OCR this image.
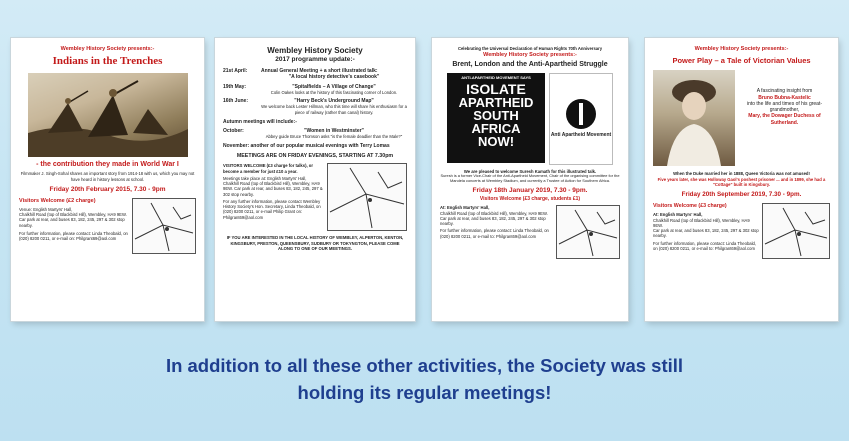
Wembley History Society presents:-
Indians in the Trenches
- the contribution they made in World War I
Filmmaker J. Singh-Sohal shares an important story from 1914-18 with us, which you may not have heard in history lessons at school.
Friday 20th February 2015, 7.30 - 9pm
Visitors Welcome (£2 charge)
Venue: English Martyrs' Hall,
Chalkhill Road (top of Blackbird Hill), Wembley, HA9 9EW.
Car park at rear, and buses 83, 182, 245, 297 & 302 stop nearby.
For further information, please contact: Linda Theobald, on (020) 8200 0211, or e-mail on: Philgrant69@aol.com
Wembley History Society
2017 programme update:-
21st April:	Annual General Meeting + a short illustrated talk:
"A local history detective's casebook"
19th May:	"Spitalfields – A Village of Change"
Colin Oakes looks at the history of this fascinating corner of London.
16th June:	"Harry Beck's Underground Map"
We welcome back Lester Hillman, who this time will share his enthusiasm for a piece of railway (rather than canal) history.
Autumn meetings will include:-
October:	"Women in Westminster"
Abbey guide Bruce Thomson asks "is the female deadlier than the Male?"
November: another of our popular musical evenings with Terry Lomas
MEETINGS ARE ON FRIDAY EVENINGS, STARTING AT 7.30pm
VISITORS WELCOME (£3 charge for talks), or become a member for just £10 a year.
Meetings take place at: English Martyrs' Hall, Chalkhill Road (top of Blackbird Hill), Wembley, HA9 9EW. Car park at rear, and buses 83, 182, 245, 297 & 302 stop nearby.
For any further information, please contact Wembley History Society's Hon. Secretary, Linda Theobald, on (020) 8200 0211, or e-mail Philip Grant on: Philgrant69@aol.com
IF YOU ARE INTERESTED IN THE LOCAL HISTORY OF WEMBLEY, ALPERTON, KENTON, KINGSBURY, PRESTON, QUEENSBURY, SUDBURY OR TOKYNGTON, PLEASE COME ALONG TO ONE OF OUR MEETINGS.
Celebrating the Universal Declaration of Human Rights 70th Anniversary
Wembley History Society presents:-
Brent, London and the Anti-Apartheid Struggle
ANTI-APARTHEID MOVEMENT SAYS
ISOLATE
APARTHEID
SOUTH
AFRICA
NOW!	Anti Apartheid Movement
We are pleased to welcome Suresh Kamath for this illustrated talk.
Suresh is a former Vice-Chair of the Anti-Apartheid Movement, Chair of the organising committee for the Mandela concerts at Wembley Stadium, and currently a Trustee of Action for Southern Africa.
Friday 18th January 2019, 7.30 - 9pm.
Visitors Welcome (£3 charge, students £1)
At: English Martyrs' Hall,
Chalkhill Road (top of Blackbird Hill), Wembley, HA9 9EW.
Car park at rear, and buses 83, 182, 245, 297 & 302 stop nearby.
For further information, please contact: Linda Theobald, on (020) 8200 0211, or e-mail to: Philgrant69@aol.com
Wembley History Society presents:-
Power Play – a Tale of Victorian Values
A fascinating insight from
Bruno Bubna-Kastelic
into the life and times of his great-grandmother,
Mary, the Dowager Duchess of Sutherland.
When the Duke married her in 1888, Queen Victoria was not amused!
Five years later, she was Holloway Gaol's poshest prisoner ... and in 1899, she had a "Cottage" built in Kingsbury.
Friday 20th September 2019, 7.30 - 9pm.
Visitors Welcome (£3 charge)
At: English Martyrs' Hall,
Chalkhill Road (top of Blackbird Hill), Wembley, HA9 9EW.
Car park at rear, and buses 83, 182, 245, 297 & 302 stop nearby.
For further information, please contact: Linda Theobald, on (020) 8200 0211, or e-mail to: Philgrant69@aol.com
In addition to all these other activities, the Society was still
holding its regular meetings!
